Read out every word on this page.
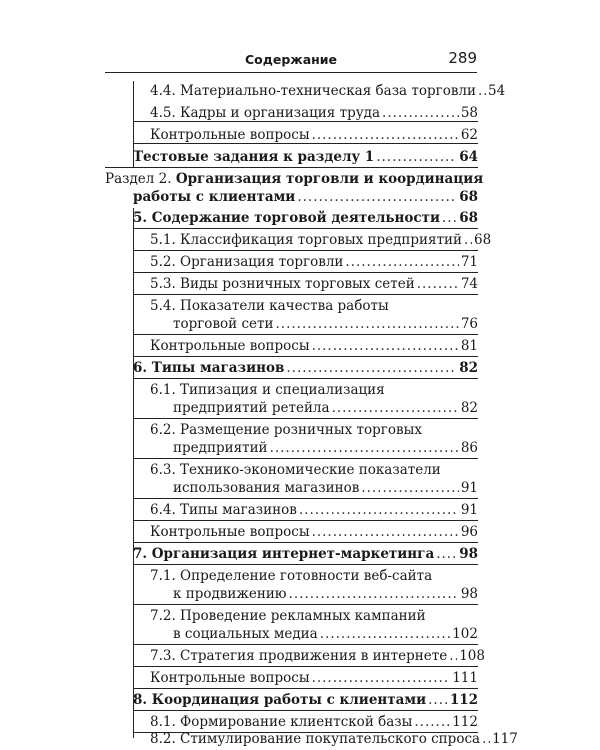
Содержание	289
4.4. Материально-техническая база торговли ..... 54
4.5. Кадры и организация труда .....	58
Контрольные вопросы .....	62
Тестовые задания к разделу 1 .....	64
Раздел 2. Организация торговли и координация
работы с клиентами .....	68
5. Содержание торговой деятельности ..... 68
5.1. Классификация торговых предприятий ..... 68
5.2. Организация торговли .....	71
5.3. Виды розничных торговых сетей .....	74
5.4. Показатели качества работы
торговой сети .....	76
Контрольные вопросы .....	81
6. Типы магазинов .....	82
6.1. Типизация и специализация
предприятий ретейла .....	82
6.2. Размещение розничных торговых
предприятий .....	86
6.3. Технико-экономические показатели
использования магазинов .....	91
6.4. Типы магазинов .....	91
Контрольные вопросы .....	96
7. Организация интернет-маркетинга ..... 98
7.1. Определение готовности веб-сайта
к продвижению .....	98
7.2. Проведение рекламных кампаний
в социальных медиа .....	102
7.3. Стратегия продвижения в интернете ..... 108
Контрольные вопросы .....	111
8. Координация работы с клиентами ..... 112
8.1. Формирование клиентской базы .....	112
8.2. Стимулирование покупательского спроса ..... 117
